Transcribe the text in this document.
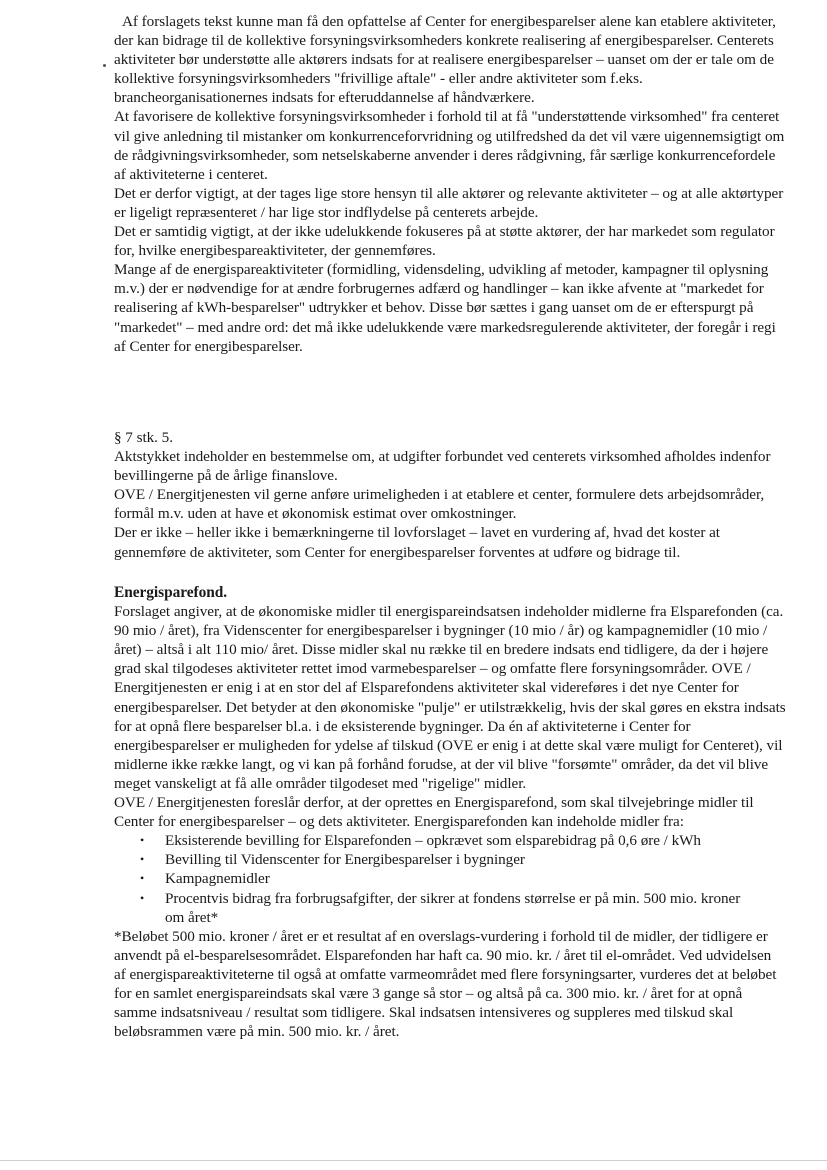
Af forslagets tekst kunne man få den opfattelse af Center for energibesparelser alene kan etablere aktiviteter, der kan bidrage til de kollektive forsyningsvirksomheders konkrete realisering af energibesparelser. Centerets aktiviteter bør understøtte alle aktørers indsats for at realisere energibesparelser – uanset om der er tale om de kollektive forsyningsvirksomheders "frivillige aftale" - eller andre aktiviteter som f.eks. brancheorganisationernes indsats for efteruddannelse af håndværkere.

At favorisere de kollektive forsyningsvirksomheder i forhold til at få "understøttende virksomhed" fra centeret vil give anledning til mistanker om konkurrenceforvridning og utilfredshed da det vil være uigennemsigtigt om de rådgivningsvirksomheder, som netselskaberne anvender i deres rådgivning, får særlige konkurrencefordele af aktiviteterne i centeret.

Det er derfor vigtigt, at der tages lige store hensyn til alle aktører og relevante aktiviteter – og at alle aktørtyper er ligeligt repræsenteret / har lige stor indflydelse på centerets arbejde.

Det er samtidig vigtigt, at der ikke udelukkende fokuseres på at støtte aktører, der har markedet som regulator for, hvilke energibespareaktiviteter, der gennemføres.

Mange af de energispareaktiviteter (formidling, vidensdeling, udvikling af metoder, kampagner til oplysning m.v.) der er nødvendige for at ændre forbrugernes adfærd og handlinger – kan ikke afvente at "markedet for realisering af kWh-besparelser" udtrykker et behov. Disse bør sættes i gang uanset om de er efterspurgt på "markedet" – med andre ord: det må ikke udelukkende være markedsregulerende aktiviteter, der foregår i regi af Center for energibesparelser.

§ 7 stk. 5.

Aktstykket indeholder en bestemmelse om, at udgifter forbundet ved centerets virksomhed afholdes indenfor bevillingerne på de årlige finanslove.

OVE / Energitjenesten vil gerne anføre urimeligheden i at etablere et center, formulere dets arbejdsområder, formål m.v. uden at have et økonomisk estimat over omkostninger.

Der er ikke – heller ikke i bemærkningerne til lovforslaget – lavet en vurdering af, hvad det koster at gennemføre de aktiviteter, som Center for energibesparelser forventes at udføre og bidrage til.

Energisparefond.

Forslaget angiver, at de økonomiske midler til energispareindsatsen indeholder midlerne fra Elsparefonden (ca. 90 mio / året), fra Videnscenter for energibesparelser i bygninger (10 mio / år) og kampagnemidler (10 mio / året) – altså i alt 110 mio/ året. Disse midler skal nu række til en bredere indsats end tidligere, da der i højere grad skal tilgodeses aktiviteter rettet imod varmebesparelser – og omfatte flere forsyningsområder. OVE / Energitjenesten er enig i at en stor del af Elsparefondens aktiviteter skal videreføres i det nye Center for energibesparelser. Det betyder at den økonomiske "pulje" er utilstrækkelig, hvis der skal gøres en ekstra indsats for at opnå flere besparelser bl.a. i de eksisterende bygninger. Da én af aktiviteterne i Center for energibesparelser er muligheden for ydelse af tilskud (OVE er enig i at dette skal være muligt for Centeret), vil midlerne ikke række langt, og vi kan på forhånd forudse, at der vil blive "forsømte" områder, da det vil blive meget vanskeligt at få alle områder tilgodeset med "rigelige" midler.

OVE / Energitjenesten foreslår derfor, at der oprettes en Energisparefond, som skal tilvejebringe midler til Center for energibesparelser – og dets aktiviteter. Energisparefonden kan indeholde midler fra:

• Eksisterende bevilling for Elsparefonden – opkrævet som elsparebidrag på 0,6 øre / kWh
• Bevilling til Videnscenter for Energibesparelser i bygninger
• Kampagnemidler
• Procentvis bidrag fra forbrugsafgifter, der sikrer at fondens størrelse er på min. 500 mio. kroner om året*

*Beløbet 500 mio. kroner / året er et resultat af en overslags-vurdering i forhold til de midler, der tidligere er anvendt på el-besparelsesområdet. Elsparefonden har haft ca. 90 mio. kr. / året til el-området. Ved udvidelsen af energispareaktiviteterne til også at omfatte varmeområdet med flere forsyningsarter, vurderes det at beløbet for en samlet energispareindsats skal være 3 gange så stor – og altså på ca. 300 mio. kr. / året for at opnå samme indsatsniveau / resultat som tidligere. Skal indsatsen intensiveres og suppleres med tilskud skal beløbsrammen være på min. 500 mio. kr. / året.
